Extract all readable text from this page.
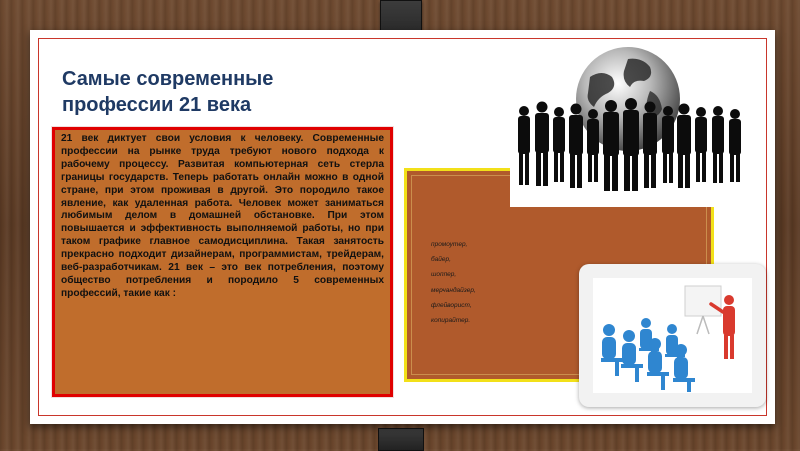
Самые современные
профессии 21 века

21 век диктует свои условия к человеку. Современные профессии на рынке труда требуют нового подхода к рабочему процессу. Развитая компьютерная сеть стерла границы государств. Теперь работать онлайн можно в одной стране, при этом проживая в другой. Это породило такое явление, как удаленная работа. Человек может заниматься любимым делом в домашней обстановке. При этом повышается и эффективность выполняемой работы, но при таком графике главное самодисциплина. Такая занятость прекрасно подходит дизайнерам, программистам, трейдерам, веб-разработчикам. 21 век – это век потребления, поэтому общество потребления и породило 5 современных профессий, такие как :

промоутер,
байер,
шоппер,
мерчандайзер,
флейворист,
копирайтер.
